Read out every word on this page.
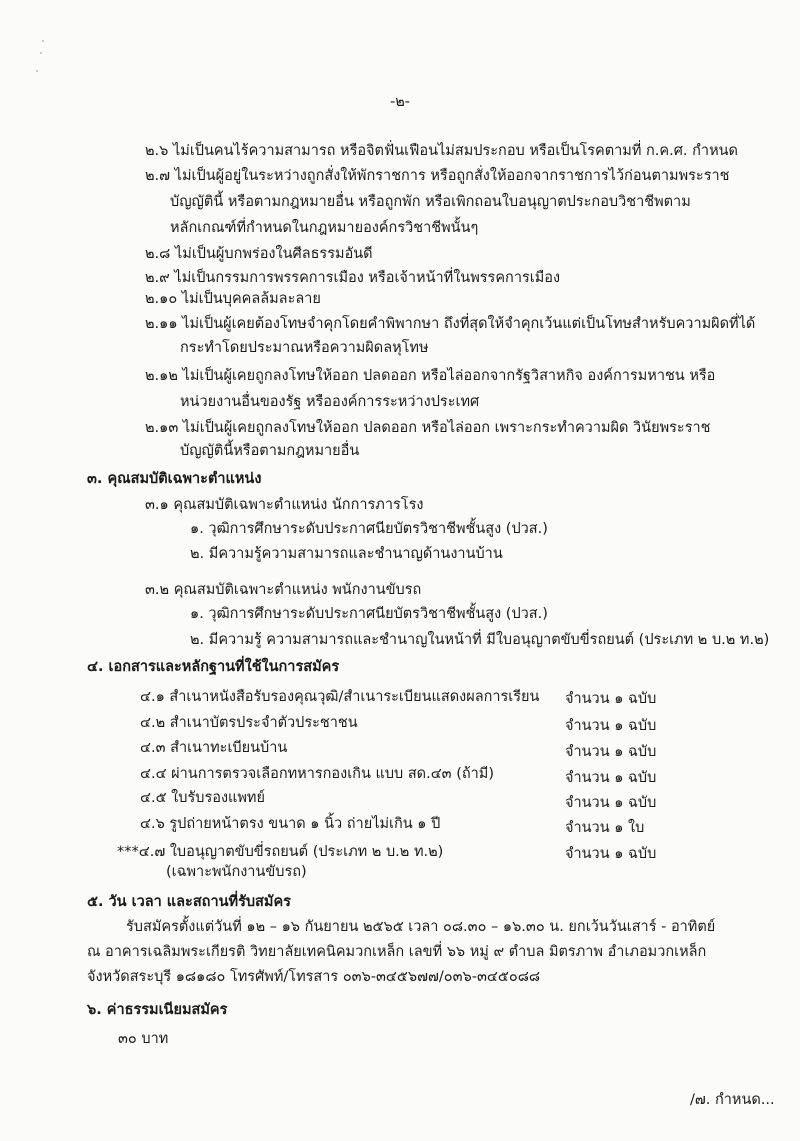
-๒-
๒.๖ ไม่เป็นคนไร้ความสามารถ หรือจิตฟั่นเฟือนไม่สมประกอบ หรือเป็นโรคตามที่ ก.ค.ศ. กำหนด
๒.๗ ไม่เป็นผู้อยู่ในระหว่างถูกสั่งให้พักราชการ หรือถูกสั่งให้ออกจากราชการไว้ก่อนตามพระราช
บัญญัตินี้ หรือตามกฎหมายอื่น หรือถูกพัก หรือเพิกถอนใบอนุญาตประกอบวิชาชีพตาม
หลักเกณฑ์ที่กำหนดในกฎหมายองค์กรวิชาชีพนั้นๆ
๒.๘ ไม่เป็นผู้บกพร่องในศีลธรรมอันดี
๒.๙ ไม่เป็นกรรมการพรรคการเมือง หรือเจ้าหน้าที่ในพรรคการเมือง
๒.๑๐ ไม่เป็นบุคคลล้มละลาย
๒.๑๑ ไม่เป็นผู้เคยต้องโทษจำคุกโดยคำพิพากษา ถึงที่สุดให้จำคุกเว้นแต่เป็นโทษสำหรับความผิดที่ได้
กระทำโดยประมาณหรือความผิดลหุโทษ
๒.๑๒ ไม่เป็นผู้เคยถูกลงโทษให้ออก ปลดออก หรือไล่ออกจากรัฐวิสาหกิจ องค์การมหาชน หรือ
หน่วยงานอื่นของรัฐ หรือองค์การระหว่างประเทศ
๒.๑๓ ไม่เป็นผู้เคยถูกลงโทษให้ออก ปลดออก หรือไล่ออก เพราะกระทำความผิด วินัยพระราช
บัญญัตินี้หรือตามกฎหมายอื่น
๓. คุณสมบัติเฉพาะตำแหน่ง
๓.๑ คุณสมบัติเฉพาะตำแหน่ง นักการภารโรง
๑. วุฒิการศึกษาระดับประกาศนียบัตรวิชาชีพชั้นสูง (ปวส.)
๒. มีความรู้ความสามารถและชำนาญด้านงานบ้าน
๓.๒ คุณสมบัติเฉพาะตำแหน่ง พนักงานขับรถ
๑. วุฒิการศึกษาระดับประกาศนียบัตรวิชาชีพชั้นสูง (ปวส.)
๒. มีความรู้ ความสามารถและชำนาญในหน้าที่ มีใบอนุญาตขับขี่รถยนต์ (ประเภท ๒ บ.๒ ท.๒)
๔. เอกสารและหลักฐานที่ใช้ในการสมัคร
๔.๑ สำเนาหนังสือรับรองคุณวุฒิ/สำเนาระเบียนแสดงผลการเรียน จำนวน ๑ ฉบับ
๔.๒ สำเนาบัตรประจำตัวประชาชน	จำนวน ๑ ฉบับ
๔.๓ สำเนาทะเบียนบ้าน	จำนวน ๑ ฉบับ
๔.๔ ผ่านการตรวจเลือกทหารกองเกิน แบบ สด.๔๓ (ถ้ามี)	จำนวน ๑ ฉบับ
๔.๕ ใบรับรองแพทย์	จำนวน ๑ ฉบับ
๔.๖ รูปถ่ายหน้าตรง ขนาด ๑ นิ้ว ถ่ายไม่เกิน ๑ ปี	จำนวน ๑ ใบ
***๔.๗ ใบอนุญาตขับขี่รถยนต์ (ประเภท ๒ บ.๒ ท.๒)	จำนวน ๑ ฉบับ
(เฉพาะพนักงานขับรถ)
๕. วัน เวลา และสถานที่รับสมัคร
รับสมัครตั้งแต่วันที่ ๑๒ – ๑๖ กันยายน ๒๕๖๕ เวลา ๐๘.๓๐ – ๑๖.๓๐ น. ยกเว้นวันเสาร์ - อาทิตย์
ณ อาคารเฉลิมพระเกียรติ วิทยาลัยเทคนิคมวกเหล็ก เลขที่ ๖๖ หมู่ ๙ ตำบล มิตรภาพ อำเภอมวกเหล็ก
จังหวัดสระบุรี ๑๘๑๘๐ โทรศัพท์/โทรสาร ๐๓๖-๓๔๕๖๗๗/๐๓๖-๓๔๕๐๘๘
๖. ค่าธรรมเนียมสมัคร
๓๐ บาท
/๗. กำหนด...
